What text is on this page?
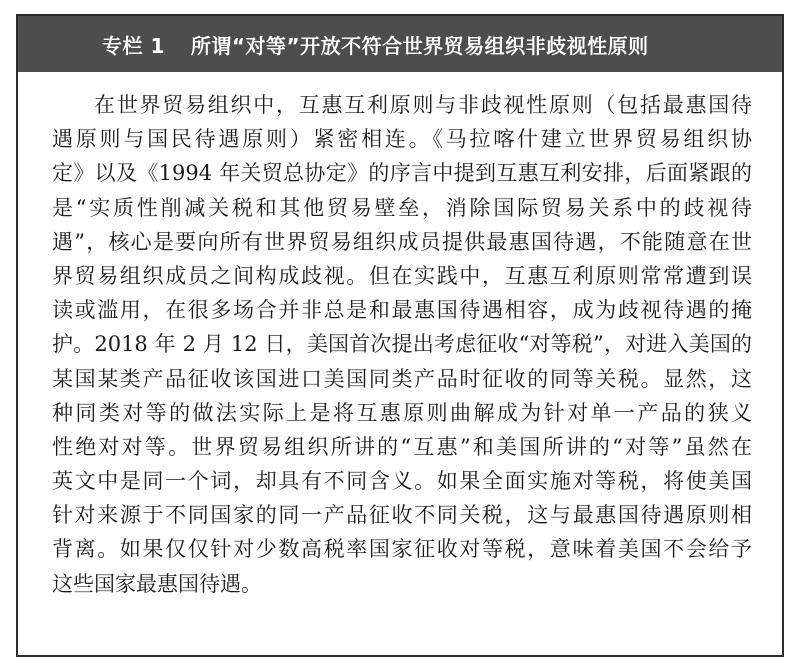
专栏 1 所谓“对等”开放不符合世界贸易组织非歧视性原则
在世界贸易组织中，互惠互利原则与非歧视性原则（包括最惠国待
遇原则与国民待遇原则）紧密相连。《马拉喀什建立世界贸易组织协
定》以及《1994 年关贸总协定》的序言中提到互惠互利安排，后面紧跟的
是“实质性削减关税和其他贸易壁垒，消除国际贸易关系中的歧视待
遇”，核心是要向所有世界贸易组织成员提供最惠国待遇，不能随意在世
界贸易组织成员之间构成歧视。但在实践中，互惠互利原则常常遭到误
读或滥用，在很多场合并非总是和最惠国待遇相容，成为歧视待遇的掩
护。2018 年 2 月 12 日，美国首次提出考虑征收“对等税”，对进入美国的
某国某类产品征收该国进口美国同类产品时征收的同等关税。显然，这
种同类对等的做法实际上是将互惠原则曲解成为针对单一产品的狭义
性绝对对等。世界贸易组织所讲的“互惠”和美国所讲的“对等”虽然在
英文中是同一个词，却具有不同含义。如果全面实施对等税，将使美国
针对来源于不同国家的同一产品征收不同关税，这与最惠国待遇原则相
背离。如果仅仅针对少数高税率国家征收对等税，意味着美国不会给予
这些国家最惠国待遇。
